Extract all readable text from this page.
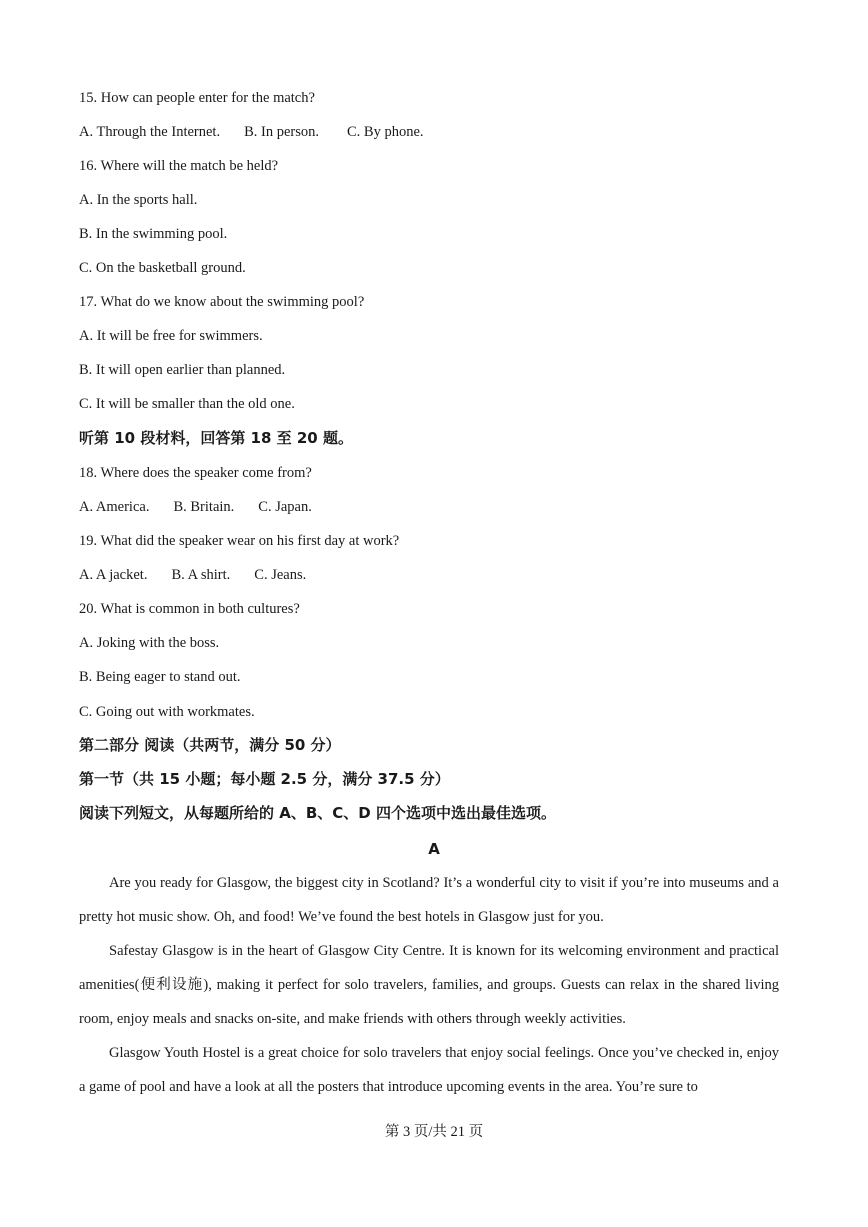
15. How can people enter for the match?
A. Through the Internet. B. In person. C. By phone.
16. Where will the match be held?
A. In the sports hall.
B. In the swimming pool.
C. On the basketball ground.
17. What do we know about the swimming pool?
A. It will be free for swimmers.
B. It will open earlier than planned.
C. It will be smaller than the old one.
听第 10 段材料，回答第 18 至 20 题。
18. Where does the speaker come from?
A. America. B. Britain. C. Japan.
19. What did the speaker wear on his first day at work?
A. A jacket. B. A shirt. C. Jeans.
20. What is common in both cultures?
A. Joking with the boss.
B. Being eager to stand out.
C. Going out with workmates.
第二部分 阅读（共两节，满分 50 分）
第一节（共 15 小题；每小题 2.5 分，满分 37.5 分）
阅读下列短文，从每题所给的 A、B、C、D 四个选项中选出最佳选项。
A
Are you ready for Glasgow, the biggest city in Scotland? It’s a wonderful city to visit if you’re into museums and a pretty hot music show. Oh, and food! We’ve found the best hotels in Glasgow just for you.
Safestay Glasgow is in the heart of Glasgow City Centre. It is known for its welcoming environment and practical amenities(便利设施), making it perfect for solo travelers, families, and groups. Guests can relax in the shared living room, enjoy meals and snacks on-site, and make friends with others through weekly activities.
Glasgow Youth Hostel is a great choice for solo travelers that enjoy social feelings. Once you’ve checked in, enjoy a game of pool and have a look at all the posters that introduce upcoming events in the area. You’re sure to
第 3 页/共 21 页
